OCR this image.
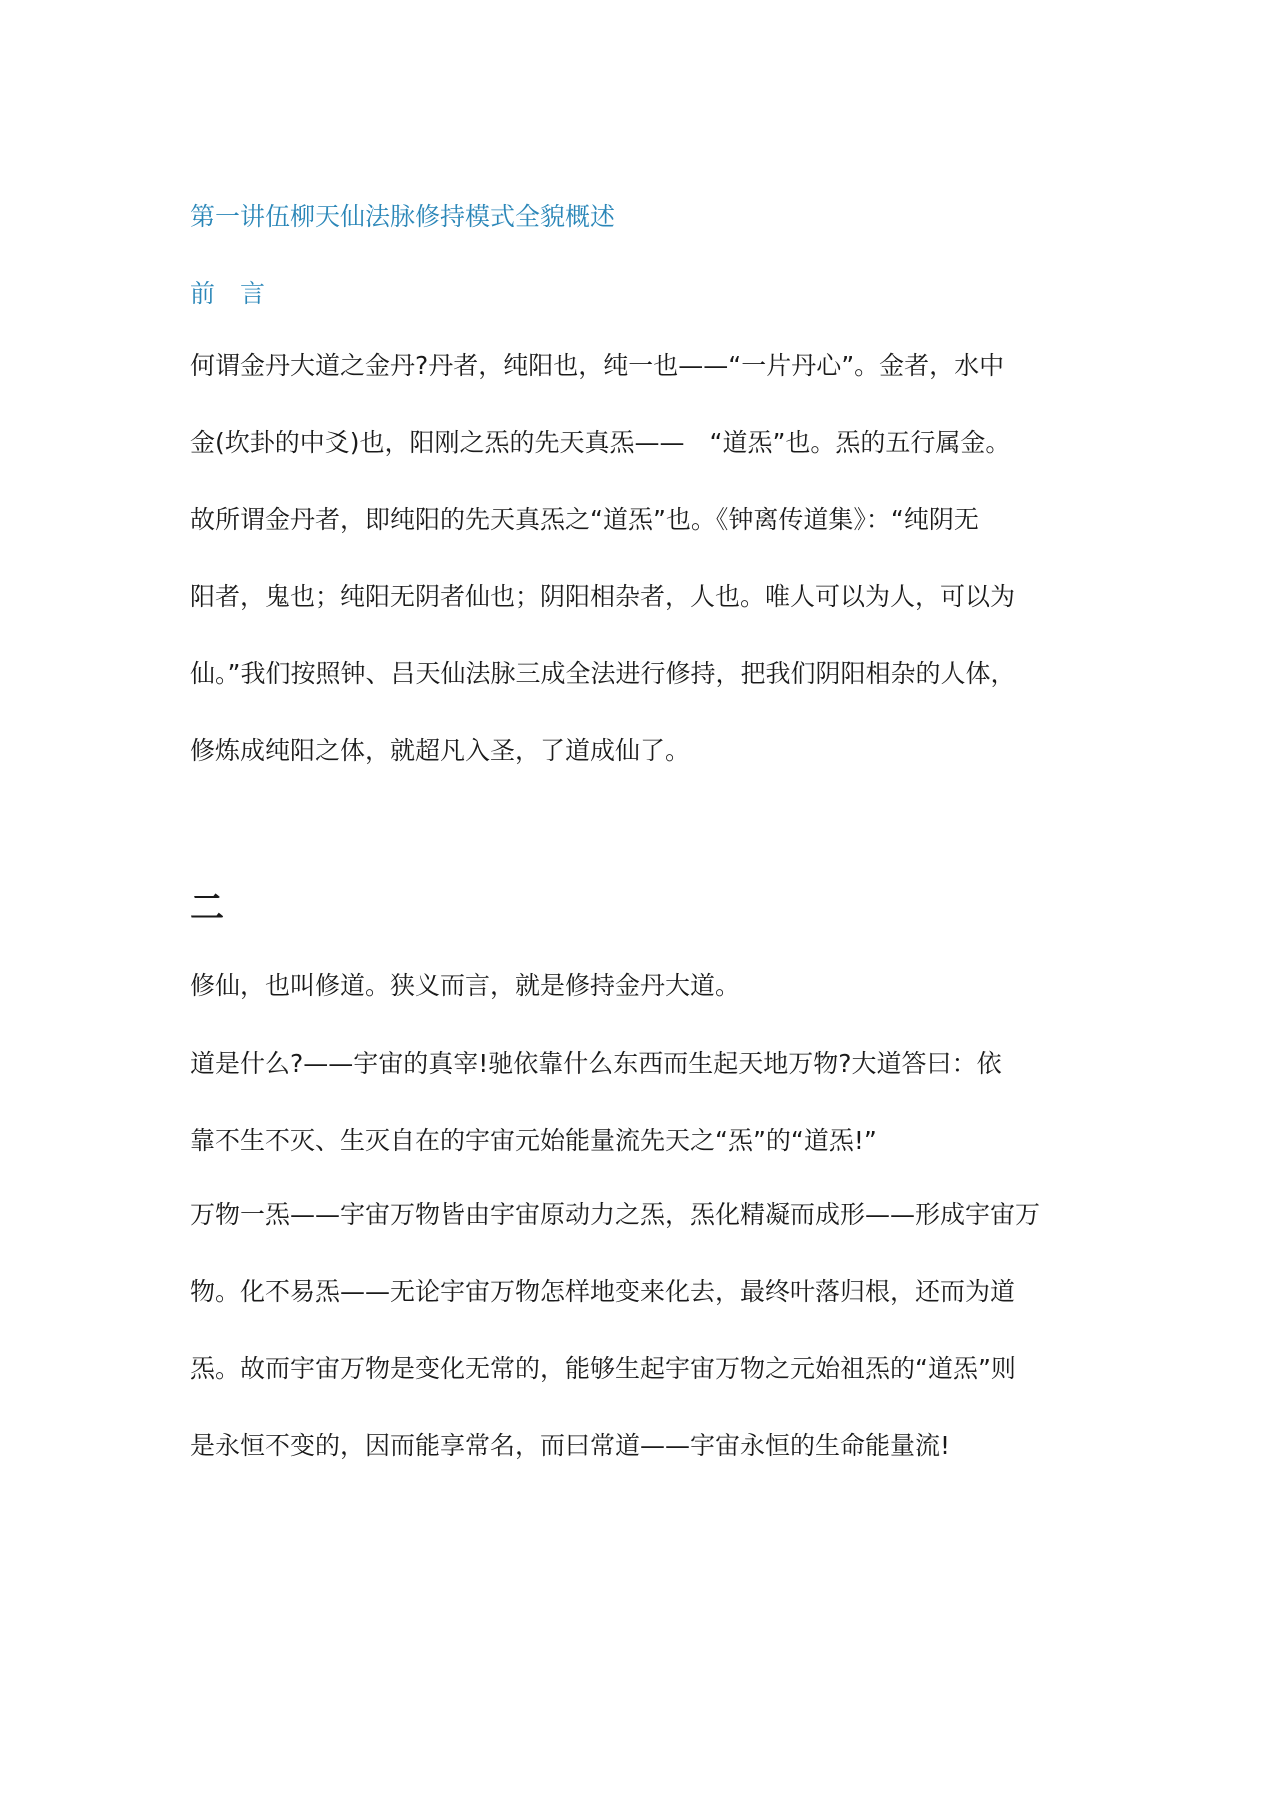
第一讲伍柳天仙法脉修持模式全貌概述
前　言
何谓金丹大道之金丹?丹者，纯阳也，纯一也——“一片丹心”。金者，水中
金(坎卦的中爻)也，阳刚之炁的先天真炁——　“道炁”也。炁的五行属金。
故所谓金丹者，即纯阳的先天真炁之“道炁”也。《钟离传道集》：“纯阴无
阳者，鬼也；纯阳无阴者仙也；阴阳相杂者，人也。唯人可以为人，可以为
仙。”我们按照钟、吕天仙法脉三成全法进行修持，把我们阴阳相杂的人体，
修炼成纯阳之体，就超凡入圣，了道成仙了。
二
修仙，也叫修道。狭义而言，就是修持金丹大道。
道是什么?——宇宙的真宰!驰依靠什么东西而生起天地万物?大道答曰：依
靠不生不灭、生灭自在的宇宙元始能量流先天之“炁”的“道炁!”
万物一炁——宇宙万物皆由宇宙原动力之炁，炁化精凝而成形——形成宇宙万
物。化不易炁——无论宇宙万物怎样地变来化去，最终叶落归根，还而为道
炁。故而宇宙万物是变化无常的，能够生起宇宙万物之元始祖炁的“道炁”则
是永恒不变的，因而能享常名，而曰常道——宇宙永恒的生命能量流!
